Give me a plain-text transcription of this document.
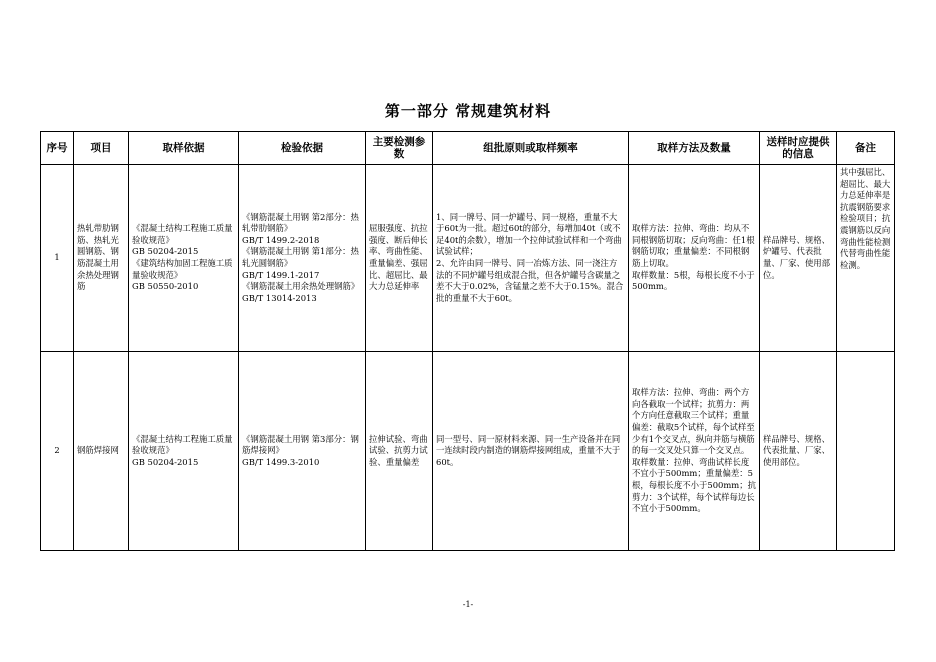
第一部分 常规建筑材料
序号	项目	取样依据	检验依据	主要检测参数	组批原则或取样频率	取样方法及数量	送样时应提供的信息	备注
1	热轧带肋钢筋、热轧光圆钢筋、钢筋混凝土用余热处理钢筋	《混凝土结构工程施工质量验收规范》
GB 50204-2015
《建筑结构加固工程施工质量验收规范》
GB 50550-2010	《钢筋混凝土用钢 第2部分：热轧带肋钢筋》
GB/T 1499.2-2018
《钢筋混凝土用钢 第1部分：热轧光圆钢筋》
GB/T 1499.1-2017
《钢筋混凝土用余热处理钢筋》GB/T 13014-2013	屈服强度、抗拉强度、断后伸长率、弯曲性能、重量偏差、强屈比、超屈比、最大力总延伸率	1、同一牌号、同一炉罐号、同一规格，重量不大于60t为一批。超过60t的部分，每增加40t（或不足40t的余数），增加一个拉伸试验试样和一个弯曲试验试样；
2、允许由同一牌号、同一冶炼方法、同一浇注方法的不同炉罐号组成混合批，但各炉罐号含碳量之差不大于0.02%，含锰量之差不大于0.15%。混合批的重量不大于60t。	取样方法：拉伸、弯曲：均从不同根钢筋切取；反向弯曲：任1根钢筋切取；重量偏差：不同根钢筋上切取。
取样数量：5根，每根长度不小于500mm。	样品牌号、规格、炉罐号、代表批量、厂家、使用部位。	其中强屈比、超屈比、最大力总延伸率是抗震钢筋要求检验项目；抗震钢筋以反向弯曲性能检测代替弯曲性能检测。
2	钢筋焊接网	《混凝土结构工程施工质量验收规范》
GB 50204-2015	《钢筋混凝土用钢 第3部分：钢筋焊接网》
GB/T 1499.3-2010	拉伸试验、弯曲试验、抗剪力试验、重量偏差	同一型号、同一原材料来源、同一生产设备并在同一连续时段内制造的钢筋焊接网组成，重量不大于60t。	取样方法：拉伸、弯曲：两个方向各截取一个试样；抗剪力：两个方向任意截取三个试样；重量偏差：截取5个试样，每个试样至少有1个交叉点，纵向并筋与横筋的每一交叉处只算一个交叉点。
取样数量：拉伸、弯曲试样长度不宜小于500mm；重量偏差：5根，每根长度不小于500mm；抗剪力：3个试样，每个试样每边长不宜小于500mm。	样品牌号、规格、代表批量、厂家、使用部位。	
-1-
